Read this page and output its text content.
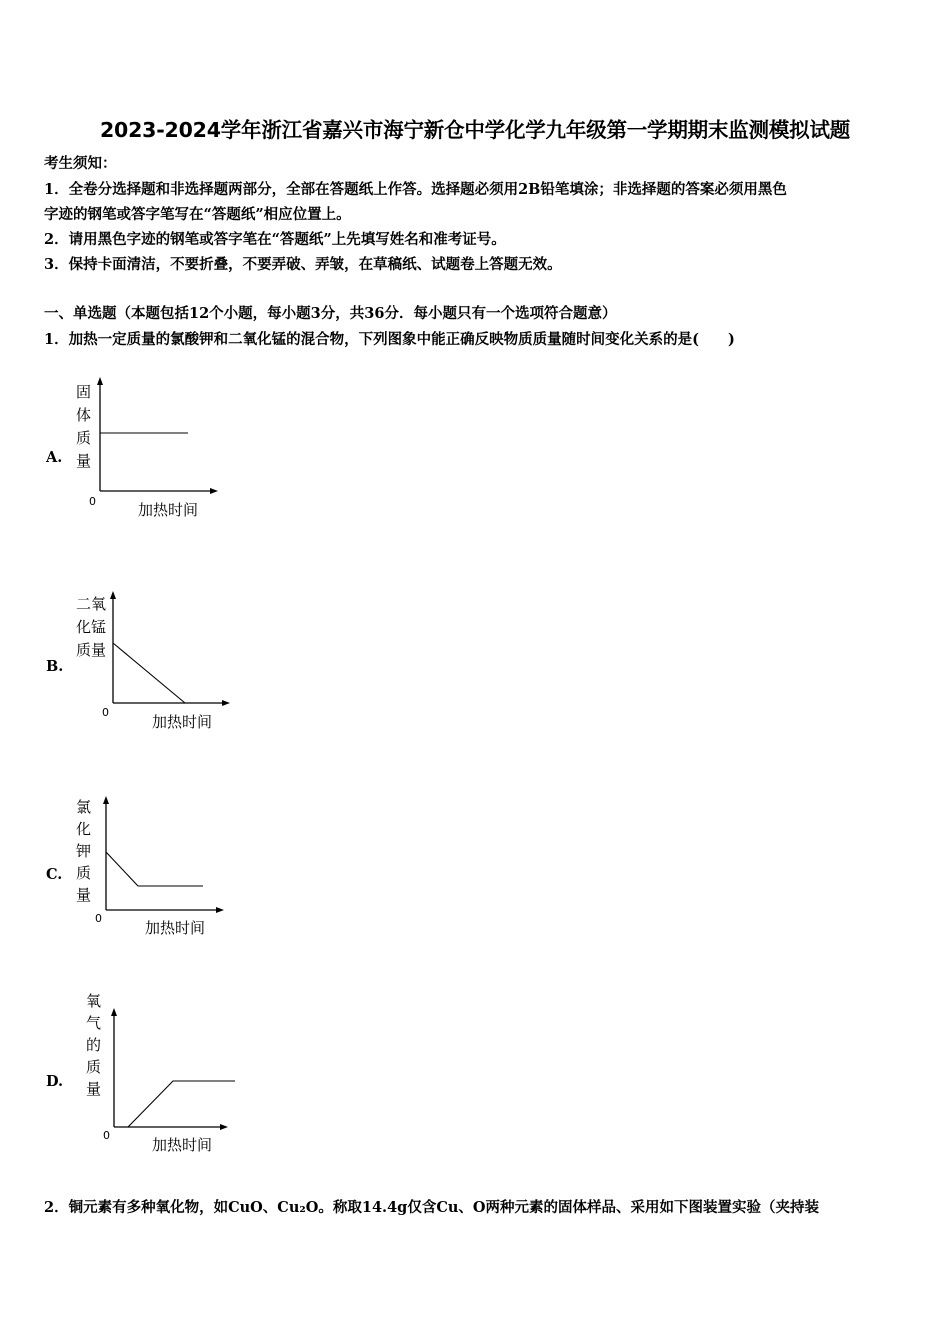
2023-2024学年浙江省嘉兴市海宁新仓中学化学九年级第一学期期末监测模拟试题
考生须知：
1．全卷分选择题和非选择题两部分，全部在答题纸上作答。选择题必须用2B铅笔填涂；非选择题的答案必须用黑色
字迹的钢笔或答字笔写在“答题纸”相应位置上。
2．请用黑色字迹的钢笔或答字笔在“答题纸”上先填写姓名和准考证号。
3．保持卡面清洁，不要折叠，不要弄破、弄皱，在草稿纸、试题卷上答题无效。
一、单选题（本题包括12个小题，每小题3分，共36分．每小题只有一个选项符合题意）
1．加热一定质量的氯酸钾和二氧化锰的混合物，下列图象中能正确反映物质质量随时间变化关系的是(　　)
A.
固
体
质
量
0	加热时间
B.
二氧
化锰
质量
0
加热时间
C.
氯
化
钾
质
量
0
加热时间
D.
氧
气
的
质
量
0
加热时间
2．铜元素有多种氧化物，如CuO、Cu₂O。称取14.4g仅含Cu、O两种元素的固体样品、采用如下图装置实验（夹持装
